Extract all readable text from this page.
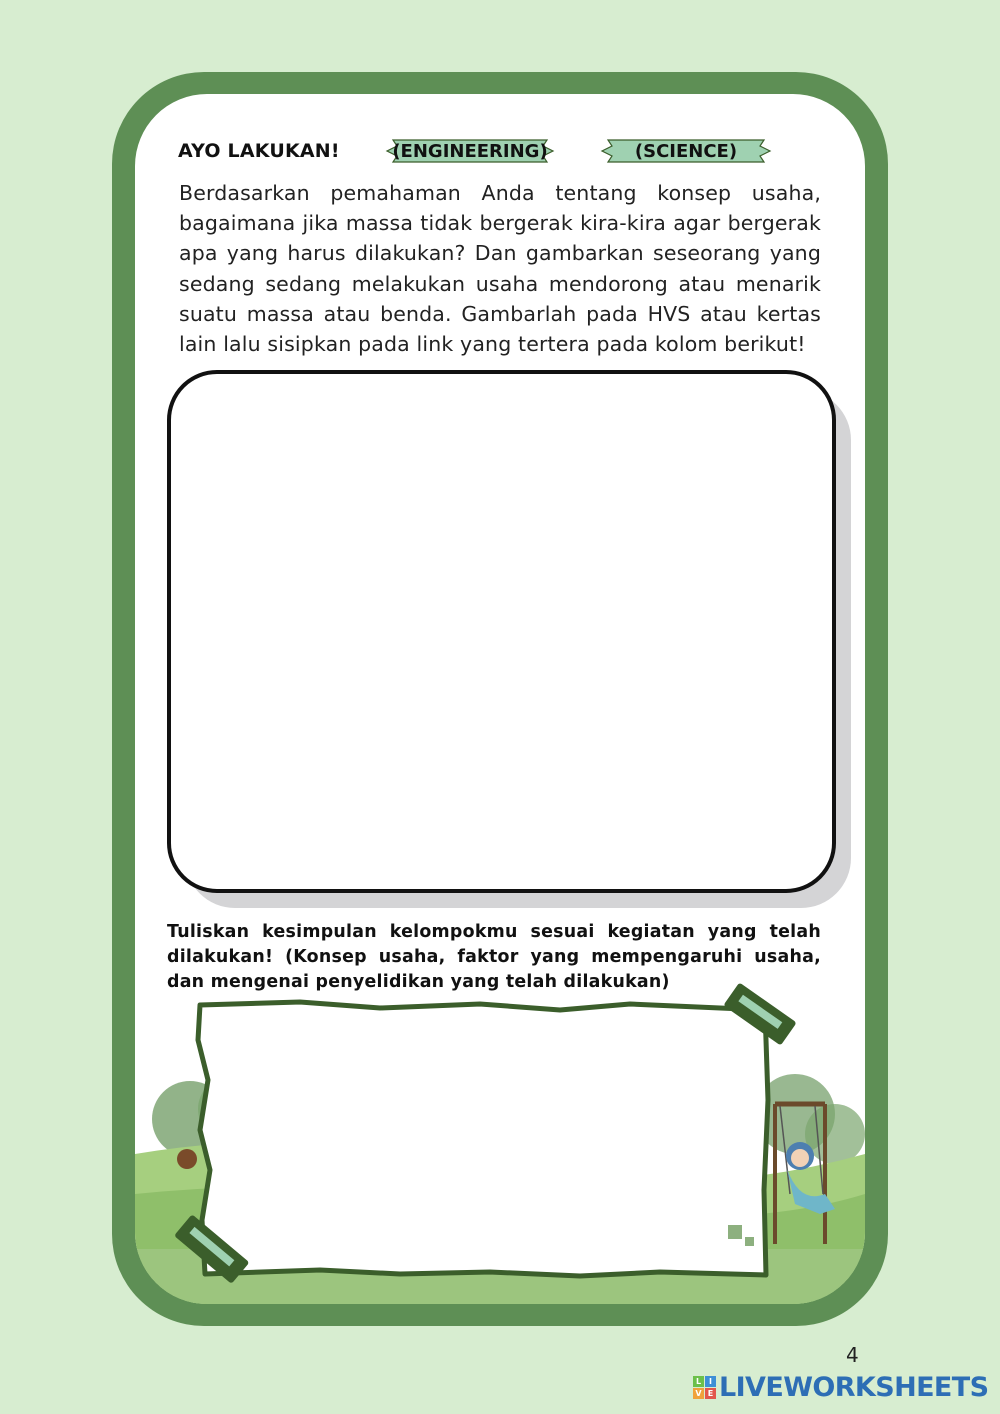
AYO LAKUKAN!	(ENGINEERING)	(SCIENCE)

Berdasarkan pemahaman Anda tentang konsep usaha, bagaimana jika massa tidak bergerak kira-kira agar bergerak apa yang harus dilakukan? Dan gambarkan seseorang yang sedang sedang melakukan usaha mendorong atau menarik suatu massa atau benda. Gambarlah pada HVS atau kertas lain lalu sisipkan pada link yang tertera pada kolom berikut!

Tuliskan kesimpulan kelompokmu sesuai kegiatan yang telah dilakukan! (Konsep usaha, faktor yang mempengaruhi usaha, dan mengenai penyelidikan yang telah dilakukan)

4
L I
V E LIVEWORKSHEETS
